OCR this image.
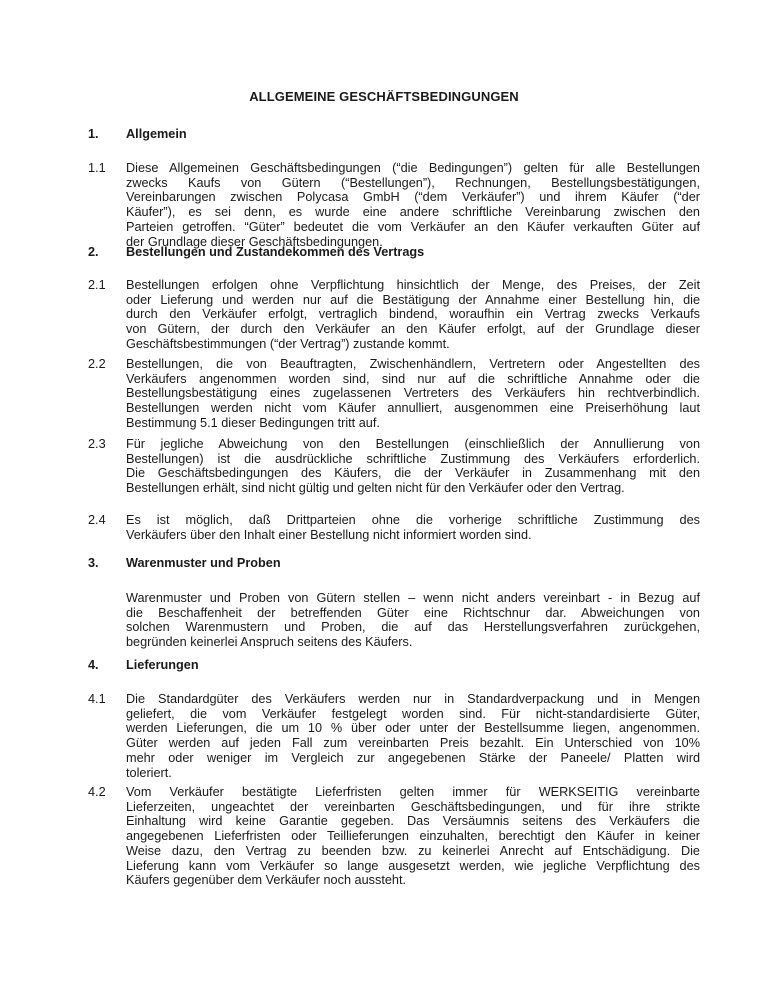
ALLGEMEINE GESCHÄFTSBEDINGUNGEN
1.	Allgemein
1.1	Diese Allgemeinen Geschäftsbedingungen (“die Bedingungen”) gelten für alle Bestellungen
zwecks Kaufs von Gütern (“Bestellungen”), Rechnungen, Bestellungsbestätigungen,
Vereinbarungen zwischen Polycasa GmbH (“dem Verkäufer”) und ihrem Käufer (“der
Käufer”), es sei denn, es wurde eine andere schriftliche Vereinbarung zwischen den
Parteien getroffen. “Güter” bedeutet die vom Verkäufer an den Käufer verkauften Güter auf
der Grundlage dieser Geschäftsbedingungen.
2.	Bestellungen und Zustandekommen des Vertrags
2.1	Bestellungen erfolgen ohne Verpflichtung hinsichtlich der Menge, des Preises, der Zeit
oder Lieferung und werden nur auf die Bestätigung der Annahme einer Bestellung hin, die
durch den Verkäufer erfolgt, vertraglich bindend, woraufhin ein Vertrag zwecks Verkaufs
von Gütern, der durch den Verkäufer an den Käufer erfolgt, auf der Grundlage dieser
Geschäftsbestimmungen (“der Vertrag”) zustande kommt.
2.2	Bestellungen, die von Beauftragten, Zwischenhändlern, Vertretern oder Angestellten des
Verkäufers angenommen worden sind, sind nur auf die schriftliche Annahme oder die
Bestellungsbestätigung eines zugelassenen Vertreters des Verkäufers hin rechtverbindlich.
Bestellungen werden nicht vom Käufer annulliert, ausgenommen eine Preiserhöhung laut
Bestimmung 5.1 dieser Bedingungen tritt auf.
2.3	Für jegliche Abweichung von den Bestellungen (einschließlich der Annullierung von
Bestellungen) ist die ausdrückliche schriftliche Zustimmung des Verkäufers erforderlich.
Die Geschäftsbedingungen des Käufers, die der Verkäufer in Zusammenhang mit den
Bestellungen erhält, sind nicht gültig und gelten nicht für den Verkäufer oder den Vertrag.
2.4	Es ist möglich, daß Drittparteien ohne die vorherige schriftliche Zustimmung des
Verkäufers über den Inhalt einer Bestellung nicht informiert worden sind.
3.	Warenmuster und Proben
Warenmuster und Proben von Gütern stellen – wenn nicht anders vereinbart - in Bezug auf
die Beschaffenheit der betreffenden Güter eine Richtschnur dar. Abweichungen von
solchen Warenmustern und Proben, die auf das Herstellungsverfahren zurückgehen,
begründen keinerlei Anspruch seitens des Käufers.
4.	Lieferungen
4.1	Die Standardgüter des Verkäufers werden nur in Standardverpackung und in Mengen
geliefert, die vom Verkäufer festgelegt worden sind. Für nicht-standardisierte Güter,
werden Lieferungen, die um 10 % über oder unter der Bestellsumme liegen, angenommen.
Güter werden auf jeden Fall zum vereinbarten Preis bezahlt. Ein Unterschied von 10%
mehr oder weniger im Vergleich zur angegebenen Stärke der Paneele/ Platten wird
toleriert.
4.2	Vom Verkäufer bestätigte Lieferfristen gelten immer für WERKSEITIG vereinbarte
Lieferzeiten, ungeachtet der vereinbarten Geschäftsbedingungen, und für ihre strikte
Einhaltung wird keine Garantie gegeben. Das Versäumnis seitens des Verkäufers die
angegebenen Lieferfristen oder Teillieferungen einzuhalten, berechtigt den Käufer in keiner
Weise dazu, den Vertrag zu beenden bzw. zu keinerlei Anrecht auf Entschädigung. Die
Lieferung kann vom Verkäufer so lange ausgesetzt werden, wie jegliche Verpflichtung des
Käufers gegenüber dem Verkäufer noch aussteht.
